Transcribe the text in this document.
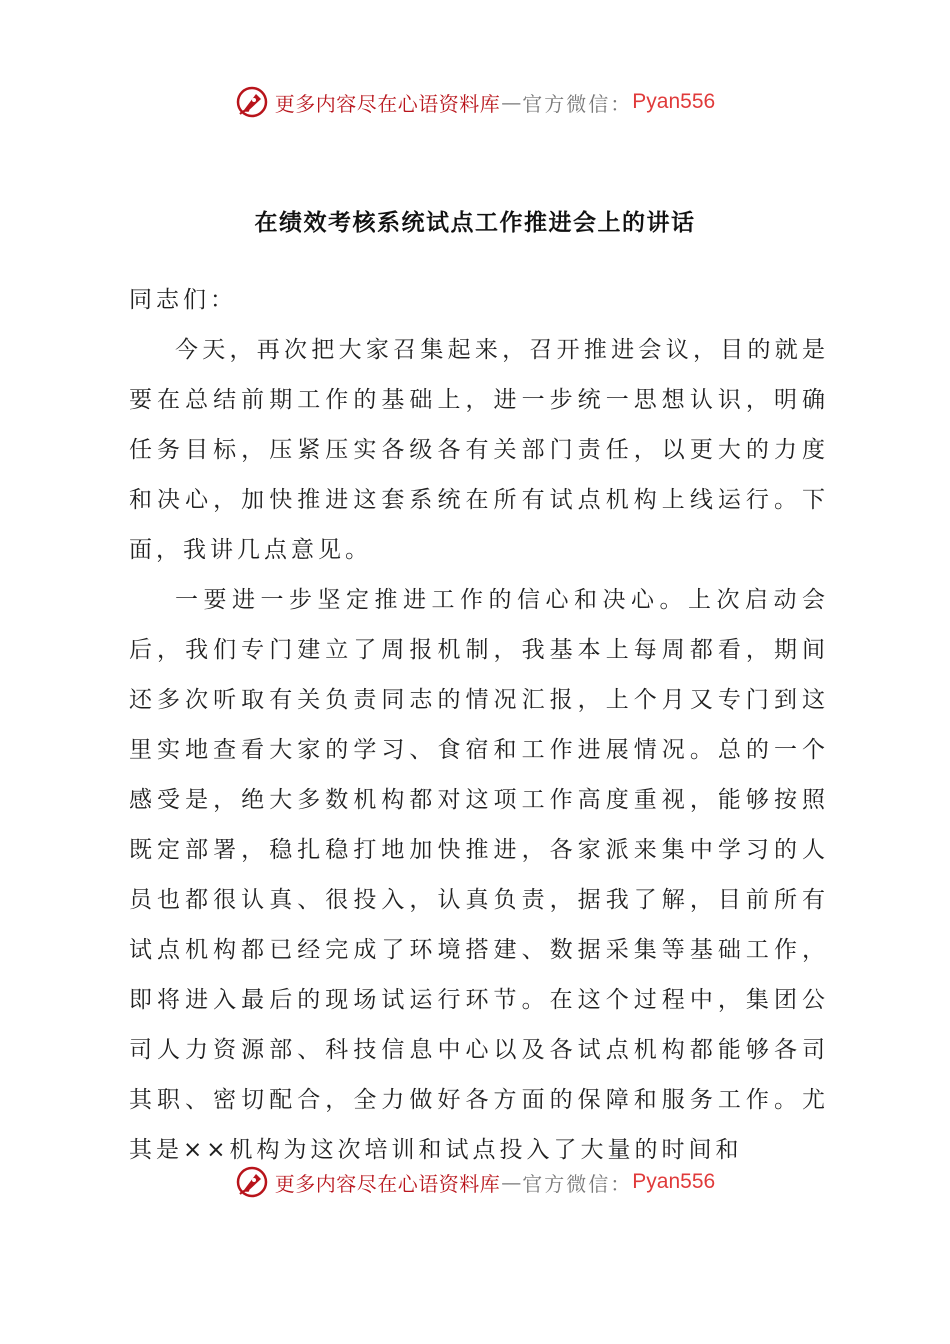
更多内容尽在心语资料库 — 官方微信： Pyan556
在绩效考核系统试点工作推进会上的讲话

同志们：

今天，再次把大家召集起来，召开推进会议，目的就是要在总结前期工作的基础上，进一步统一思想认识，明确任务目标，压紧压实各级各有关部门责任，以更大的力度和决心，加快推进这套系统在所有试点机构上线运行。下面，我讲几点意见。

一要进一步坚定推进工作的信心和决心。上次启动会后，我们专门建立了周报机制，我基本上每周都看，期间还多次听取有关负责同志的情况汇报，上个月又专门到这里实地查看大家的学习、食宿和工作进展情况。总的一个感受是，绝大多数机构都对这项工作高度重视，能够按照既定部署，稳扎稳打地加快推进，各家派来集中学习的人员也都很认真、很投入，认真负责，据我了解，目前所有试点机构都已经完成了环境搭建、数据采集等基础工作，即将进入最后的现场试运行环节。在这个过程中，集团公司人力资源部、科技信息中心以及各试点机构都能够各司其职、密切配合，全力做好各方面的保障和服务工作。尤其是××机构为这次培训和试点投入了大量的时间和

更多内容尽在心语资料库 — 官方微信： Pyan556
